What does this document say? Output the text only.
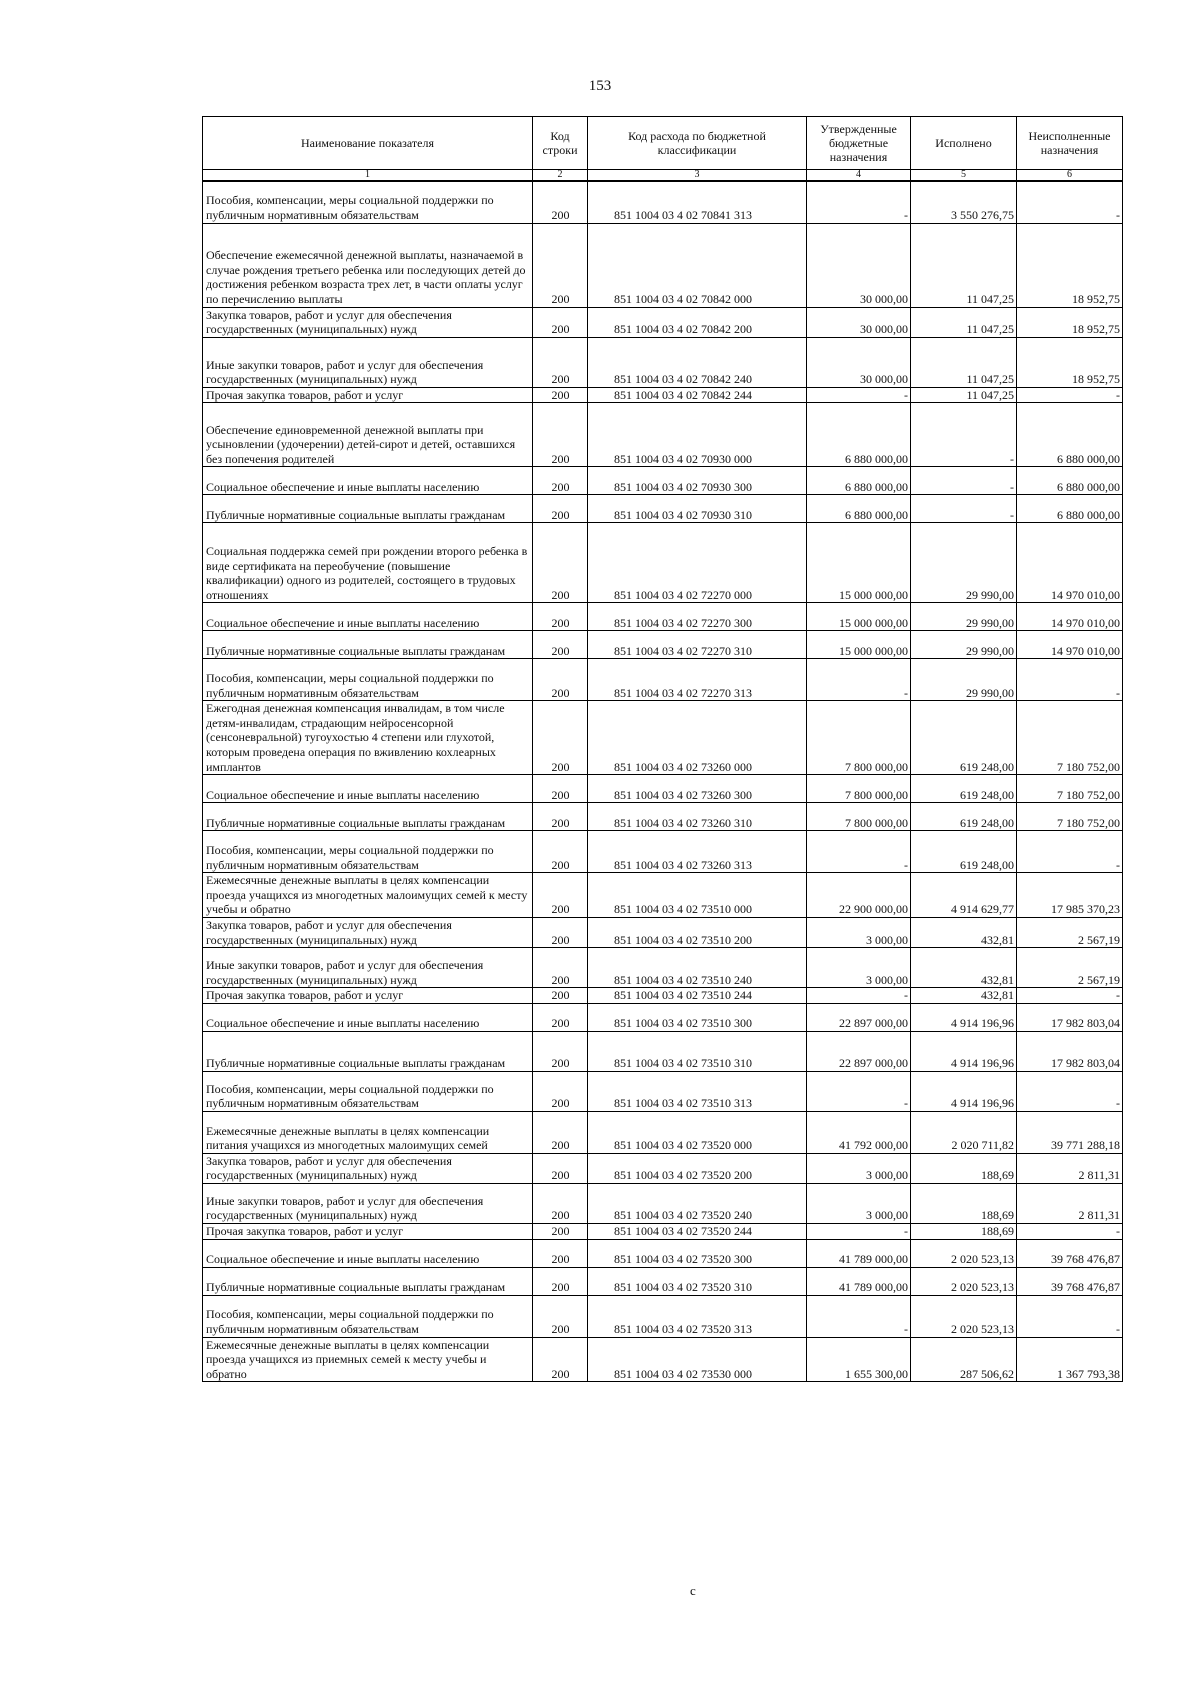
153
Наименование показателя	Код строки	Код расхода по бюджетной классификации	Утвержденные бюджетные назначения	Исполнено	Неисполненные назначения
1	2	3	4	5	6
Пособия, компенсации, меры социальной поддержки по публичным нормативным обязательствам	200	851 1004 03 4 02 70841 313	-	3 550 276,75	-
Обеспечение ежемесячной денежной выплаты, назначаемой в случае рождения третьего ребенка или последующих детей до достижения ребенком возраста трех лет, в части оплаты услуг по перечислению выплаты	200	851 1004 03 4 02 70842 000	30 000,00	11 047,25	18 952,75
Закупка товаров, работ и услуг для обеспечения государственных (муниципальных) нужд	200	851 1004 03 4 02 70842 200	30 000,00	11 047,25	18 952,75
Иные закупки товаров, работ и услуг для обеспечения государственных (муниципальных) нужд	200	851 1004 03 4 02 70842 240	30 000,00	11 047,25	18 952,75
Прочая закупка товаров, работ и услуг	200	851 1004 03 4 02 70842 244	-	11 047,25	-
Обеспечение единовременной денежной выплаты при усыновлении (удочерении) детей-сирот и детей, оставшихся без попечения родителей	200	851 1004 03 4 02 70930 000	6 880 000,00	-	6 880 000,00
Социальное обеспечение и иные выплаты населению	200	851 1004 03 4 02 70930 300	6 880 000,00	-	6 880 000,00
Публичные нормативные социальные выплаты гражданам	200	851 1004 03 4 02 70930 310	6 880 000,00	-	6 880 000,00
Социальная поддержка семей при рождении второго ребенка в виде сертификата на переобучение (повышение квалификации) одного из родителей, состоящего в трудовых отношениях	200	851 1004 03 4 02 72270 000	15 000 000,00	29 990,00	14 970 010,00
Социальное обеспечение и иные выплаты населению	200	851 1004 03 4 02 72270 300	15 000 000,00	29 990,00	14 970 010,00
Публичные нормативные социальные выплаты гражданам	200	851 1004 03 4 02 72270 310	15 000 000,00	29 990,00	14 970 010,00
Пособия, компенсации, меры социальной поддержки по публичным нормативным обязательствам	200	851 1004 03 4 02 72270 313	-	29 990,00	-
Ежегодная денежная компенсация инвалидам, в том числе детям-инвалидам, страдающим нейросенсорной (сенсоневральной) тугоухостью 4 степени или глухотой, которым проведена операция по вживлению кохлеарных имплантов	200	851 1004 03 4 02 73260 000	7 800 000,00	619 248,00	7 180 752,00
Социальное обеспечение и иные выплаты населению	200	851 1004 03 4 02 73260 300	7 800 000,00	619 248,00	7 180 752,00
Публичные нормативные социальные выплаты гражданам	200	851 1004 03 4 02 73260 310	7 800 000,00	619 248,00	7 180 752,00
Пособия, компенсации, меры социальной поддержки по публичным нормативным обязательствам	200	851 1004 03 4 02 73260 313	-	619 248,00	-
Ежемесячные денежные выплаты в целях компенсации проезда учащихся из многодетных малоимущих семей к месту учебы и обратно	200	851 1004 03 4 02 73510 000	22 900 000,00	4 914 629,77	17 985 370,23
Закупка товаров, работ и услуг для обеспечения государственных (муниципальных) нужд	200	851 1004 03 4 02 73510 200	3 000,00	432,81	2 567,19
Иные закупки товаров, работ и услуг для обеспечения государственных (муниципальных) нужд	200	851 1004 03 4 02 73510 240	3 000,00	432,81	2 567,19
Прочая закупка товаров, работ и услуг	200	851 1004 03 4 02 73510 244	-	432,81	-
Социальное обеспечение и иные выплаты населению	200	851 1004 03 4 02 73510 300	22 897 000,00	4 914 196,96	17 982 803,04
Публичные нормативные социальные выплаты гражданам	200	851 1004 03 4 02 73510 310	22 897 000,00	4 914 196,96	17 982 803,04
Пособия, компенсации, меры социальной поддержки по публичным нормативным обязательствам	200	851 1004 03 4 02 73510 313	-	4 914 196,96	-
Ежемесячные денежные выплаты в целях компенсации питания учащихся из многодетных малоимущих семей	200	851 1004 03 4 02 73520 000	41 792 000,00	2 020 711,82	39 771 288,18
Закупка товаров, работ и услуг для обеспечения государственных (муниципальных) нужд	200	851 1004 03 4 02 73520 200	3 000,00	188,69	2 811,31
Иные закупки товаров, работ и услуг для обеспечения государственных (муниципальных) нужд	200	851 1004 03 4 02 73520 240	3 000,00	188,69	2 811,31
Прочая закупка товаров, работ и услуг	200	851 1004 03 4 02 73520 244	-	188,69	-
Социальное обеспечение и иные выплаты населению	200	851 1004 03 4 02 73520 300	41 789 000,00	2 020 523,13	39 768 476,87
Публичные нормативные социальные выплаты гражданам	200	851 1004 03 4 02 73520 310	41 789 000,00	2 020 523,13	39 768 476,87
Пособия, компенсации, меры социальной поддержки по публичным нормативным обязательствам	200	851 1004 03 4 02 73520 313	-	2 020 523,13	-
Ежемесячные денежные выплаты в целях компенсации проезда учащихся из приемных семей к месту учебы и обратно	200	851 1004 03 4 02 73530 000	1 655 300,00	287 506,62	1 367 793,38
с
